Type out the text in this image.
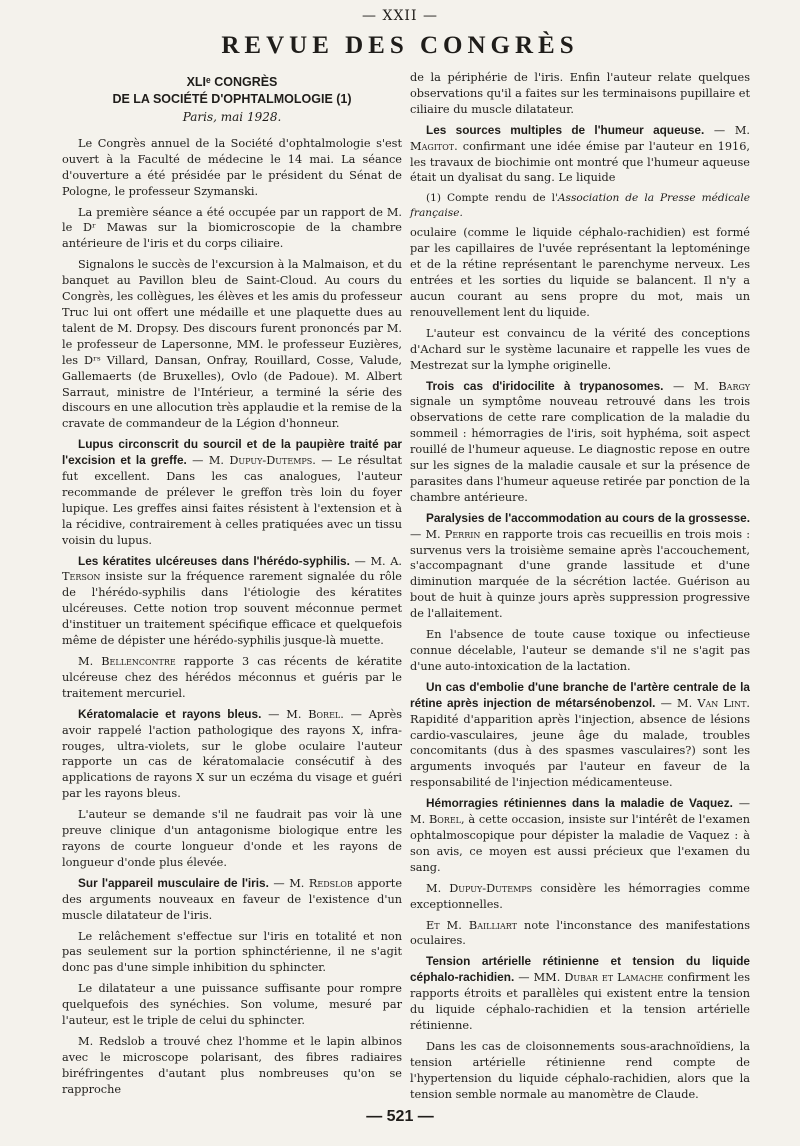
— XXII —
REVUE DES CONGRÈS
XLIᵉ CONGRÈS
DE LA SOCIÉTÉ D'OPHTALMOLOGIE (1)
Paris, mai 1928.

Le Congrès annuel de la Société d'ophtalmologie s'est ouvert à la Faculté de médecine le 14 mai. La séance d'ouverture a été présidée par le président du Sénat de Pologne, le professeur Szymanski.

La première séance a été occupée par un rapport de M. le Dʳ Mawas sur la biomicroscopie de la chambre antérieure de l'iris et du corps ciliaire.

Signalons le succès de l'excursion à la Malmaison, et du banquet au Pavillon bleu de Saint-Cloud. Au cours du Congrès, les collègues, les élèves et les amis du professeur Truc lui ont offert une médaille et une plaquette dues au talent de M. Dropsy. Des discours furent prononcés par M. le professeur de Lapersonne, MM. le professeur Euzières, les Dʳˢ Villard, Dansan, Onfray, Rouillard, Cosse, Valude, Gallemaerts (de Bruxelles), Ovlo (de Padoue). M. Albert Sarraut, ministre de l'Intérieur, a terminé la série des discours en une allocution très applaudie et la remise de la cravate de commandeur de la Légion d'honneur.

Lupus circonscrit du sourcil et de la paupière traité par l'excision et la greffe. — M. Dupuy-Dutemps. — Le résultat fut excellent. Dans les cas analogues, l'auteur recommande de prélever le greffon très loin du foyer lupique. Les greffes ainsi faites résistent à l'extension et à la récidive, contrairement à celles pratiquées avec un tissu voisin du lupus.

Les kératites ulcéreuses dans l'hérédo-syphilis. — M. A. Terson insiste sur la fréquence rarement signalée du rôle de l'hérédo-syphilis dans l'étiologie des kératites ulcéreuses. Cette notion trop souvent méconnue permet d'instituer un traitement spécifique efficace et quelquefois même de dépister une hérédo-syphilis jusque-là muette.

M. Bellencontre rapporte 3 cas récents de kératite ulcéreuse chez des hérédos méconnus et guéris par le traitement mercuriel.

Kératomalacie et rayons bleus. — M. Borel. — Après avoir rappelé l'action pathologique des rayons X, infra-rouges, ultra-violets, sur le globe oculaire l'auteur rapporte un cas de kératomalacie consécutif à des applications de rayons X sur un eczéma du visage et guéri par les rayons bleus.

L'auteur se demande s'il ne faudrait pas voir là une preuve clinique d'un antagonisme biologique entre les rayons de courte longueur d'onde et les rayons de longueur d'onde plus élevée.

Sur l'appareil musculaire de l'iris. — M. Redslob apporte des arguments nouveaux en faveur de l'existence d'un muscle dilatateur de l'iris.

Le relâchement s'effectue sur l'iris en totalité et non pas seulement sur la portion sphinctérienne, il ne s'agit donc pas d'une simple inhibition du sphincter.

Le dilatateur a une puissance suffisante pour rompre quelquefois des synéchies. Son volume, mesuré par l'auteur, est le triple de celui du sphincter.

M. Redslob a trouvé chez l'homme et le lapin albinos avec le microscope polarisant, des fibres radiaires biréfringentes d'autant plus nombreuses qu'on se rapproche

de la périphérie de l'iris. Enfin l'auteur relate quelques observations qu'il a faites sur les terminaisons pupillaire et ciliaire du muscle dilatateur.

Les sources multiples de l'humeur aqueuse. — M. Magitot. confirmant une idée émise par l'auteur en 1916, les travaux de biochimie ont montré que l'humeur aqueuse était un dyalisat du sang. Le liquide

(1) Compte rendu de l'Association de la Presse médicale française.

oculaire (comme le liquide céphalo-rachidien) est formé par les capillaires de l'uvée représentant la leptoméninge et de la rétine représentant le parenchyme nerveux. Les entrées et les sorties du liquide se balancent. Il n'y a aucun courant au sens propre du mot, mais un renouvellement lent du liquide.

L'auteur est convaincu de la vérité des conceptions d'Achard sur le système lacunaire et rappelle les vues de Mestrezat sur la lymphe originelle.

Trois cas d'iridocilite à trypanosomes. — M. Bargy signale un symptôme nouveau retrouvé dans les trois observations de cette rare complication de la maladie du sommeil : hémorragies de l'iris, soit hyphéma, soit aspect rouillé de l'humeur aqueuse. Le diagnostic repose en outre sur les signes de la maladie causale et sur la présence de parasites dans l'humeur aqueuse retirée par ponction de la chambre antérieure.

Paralysies de l'accommodation au cours de la grossesse. — M. Perrin en rapporte trois cas recueillis en trois mois : survenus vers la troisième semaine après l'accouchement, s'accompagnant d'une grande lassitude et d'une diminution marquée de la sécrétion lactée. Guérison au bout de huit à quinze jours après suppression progressive de l'allaitement.

En l'absence de toute cause toxique ou infectieuse connue décelable, l'auteur se demande s'il ne s'agit pas d'une auto-intoxication de la lactation.

Un cas d'embolie d'une branche de l'artère centrale de la rétine après injection de métarsénobenzol. — M. Van Lint. Rapidité d'apparition après l'injection, absence de lésions cardio-vasculaires, jeune âge du malade, troubles concomitants (dus à des spasmes vasculaires?) sont les arguments invoqués par l'auteur en faveur de la responsabilité de l'injection médicamenteuse.

Hémorragies rétiniennes dans la maladie de Vaquez. — M. Borel, à cette occasion, insiste sur l'intérêt de l'examen ophtalmoscopique pour dépister la maladie de Vaquez : à son avis, ce moyen est aussi précieux que l'examen du sang.

M. Dupuy-Dutemps considère les hémorragies comme exceptionnelles.

Et M. Bailliart note l'inconstance des manifestations oculaires.

Tension artérielle rétinienne et tension du liquide céphalo-rachidien. — MM. Dubar et Lamache confirment les rapports étroits et parallèles qui existent entre la tension du liquide céphalo-rachidien et la tension artérielle rétinienne.

Dans les cas de cloisonnements sous-arachnoïdiens, la tension artérielle rétinienne rend compte de l'hypertension du liquide céphalo-rachidien, alors que la tension semble normale au manomètre de Claude.

— 521 —
